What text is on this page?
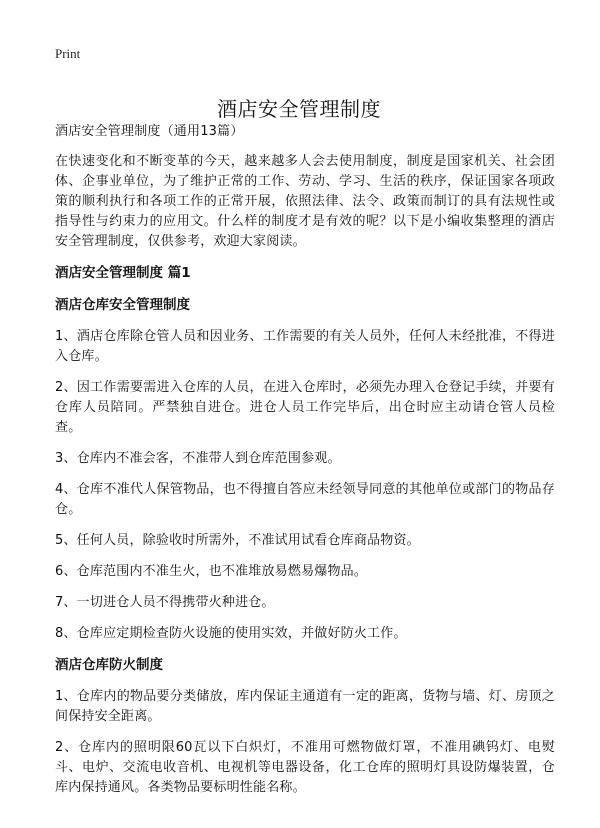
Print
酒店安全管理制度

酒店安全管理制度（通用13篇）

在快速变化和不断变革的今天，越来越多人会去使用制度，制度是国家机关、社会团体、企事业单位，为了维护正常的工作、劳动、学习、生活的秩序，保证国家各项政策的顺利执行和各项工作的正常开展，依照法律、法令、政策而制订的具有法规性或指导性与约束力的应用文。什么样的制度才是有效的呢？以下是小编收集整理的酒店安全管理制度，仅供参考，欢迎大家阅读。

酒店安全管理制度 篇1

酒店仓库安全管理制度

1、酒店仓库除仓管人员和因业务、工作需要的有关人员外，任何人未经批准，不得进入仓库。

2、因工作需要需进入仓库的人员，在进入仓库时，必须先办理入仓登记手续，并要有仓库人员陪同。严禁独自进仓。进仓人员工作完毕后，出仓时应主动请仓管人员检查。

3、仓库内不准会客，不准带人到仓库范围参观。

4、仓库不准代人保管物品，也不得擅自答应未经领导同意的其他单位或部门的物品存仓。

5、任何人员，除验收时所需外，不准试用试看仓库商品物资。

6、仓库范围内不准生火，也不准堆放易燃易爆物品。

7、一切进仓人员不得携带火种进仓。

8、仓库应定期检查防火设施的使用实效，并做好防火工作。

酒店仓库防火制度

1、仓库内的物品要分类储放，库内保证主通道有一定的距离，货物与墙、灯、房顶之间保持安全距离。

2、仓库内的照明限60瓦以下白炽灯，不准用可燃物做灯罩，不准用碘钨灯、电熨斗、电炉、交流电收音机、电视机等电器设备，化工仓库的照明灯具设防爆装置，仓库内保持通风。各类物品要标明性能名称。
